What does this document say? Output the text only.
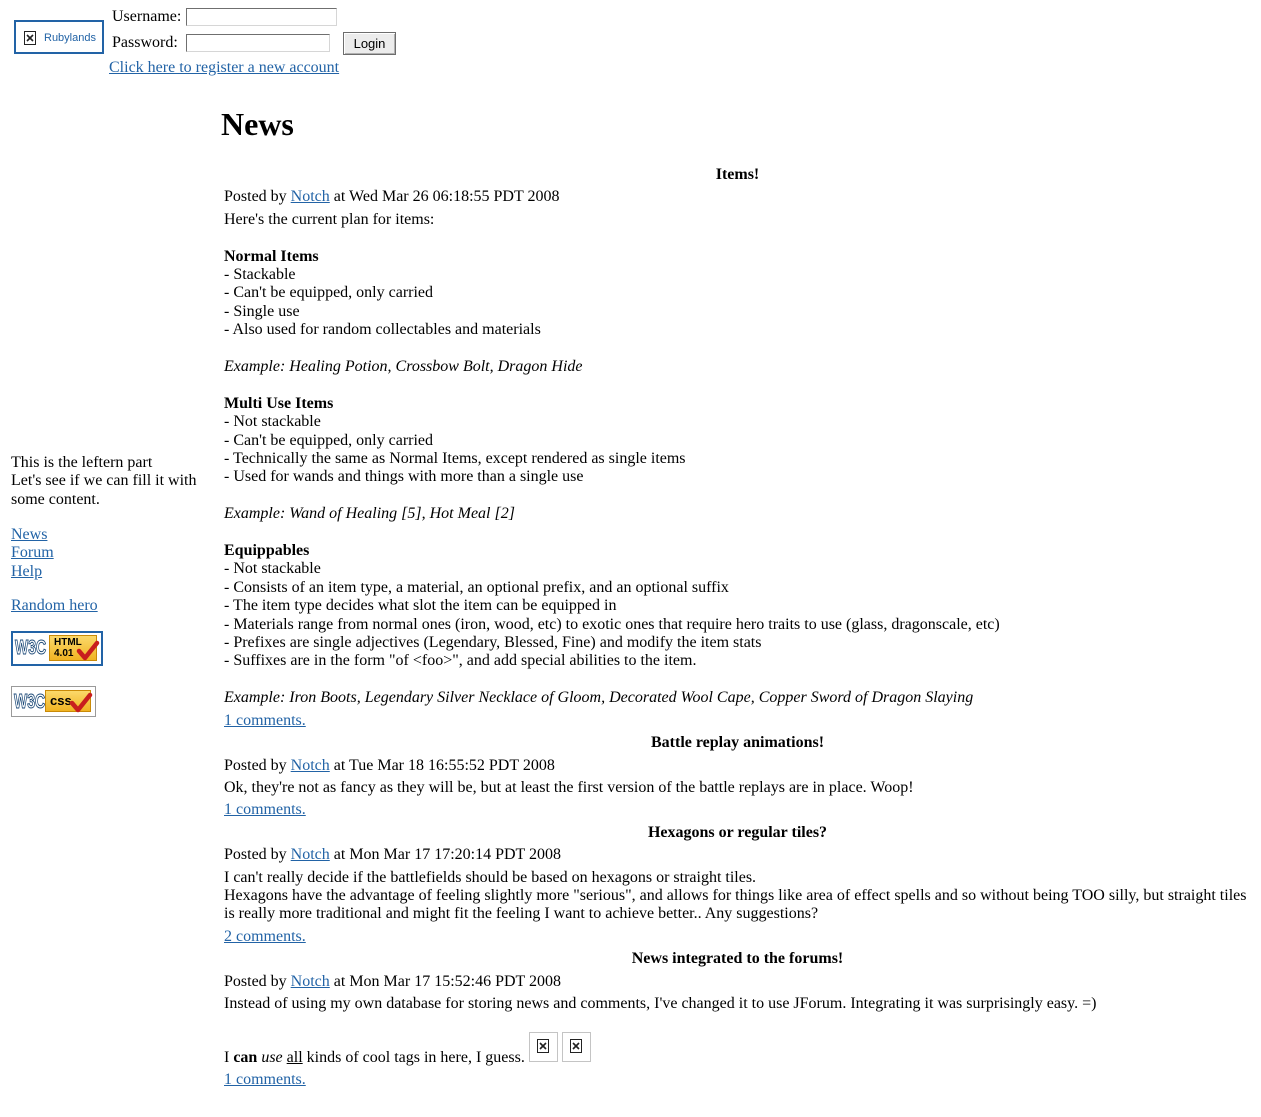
Rubylands
Username:
Password:	Login
Click here to register a new account
News
This is the leftern part
Let's see if we can fill it with some content.
News
Forum
Help
Random hero
W3C HTML
4.01
W3C css
Items!
Posted by Notch at Wed Mar 26 06:18:55 PDT 2008
Here's the current plan for items:
Normal Items
- Stackable
- Can't be equipped, only carried
- Single use
- Also used for random collectables and materials
Example: Healing Potion, Crossbow Bolt, Dragon Hide
Multi Use Items
- Not stackable
- Can't be equipped, only carried
- Technically the same as Normal Items, except rendered as single items
- Used for wands and things with more than a single use
Example: Wand of Healing [5], Hot Meal [2]
Equippables
- Not stackable
- Consists of an item type, a material, an optional prefix, and an optional suffix
- The item type decides what slot the item can be equipped in
- Materials range from normal ones (iron, wood, etc) to exotic ones that require hero traits to use (glass, dragonscale, etc)
- Prefixes are single adjectives (Legendary, Blessed, Fine) and modify the item stats
- Suffixes are in the form "of <foo>", and add special abilities to the item.
Example: Iron Boots, Legendary Silver Necklace of Gloom, Decorated Wool Cape, Copper Sword of Dragon Slaying
1 comments.
Battle replay animations!
Posted by Notch at Tue Mar 18 16:55:52 PDT 2008
Ok, they're not as fancy as they will be, but at least the first version of the battle replays are in place. Woop!
1 comments.
Hexagons or regular tiles?
Posted by Notch at Mon Mar 17 17:20:14 PDT 2008
I can't really decide if the battlefields should be based on hexagons or straight tiles.
Hexagons have the advantage of feeling slightly more "serious", and allows for things like area of effect spells and so without being TOO silly, but straight tiles is really more traditional and might fit the feeling I want to achieve better.. Any suggestions?
2 comments.
News integrated to the forums!
Posted by Notch at Mon Mar 17 15:52:46 PDT 2008
Instead of using my own database for storing news and comments, I've changed it to use JForum. Integrating it was surprisingly easy. =)
I can use all kinds of cool tags in here, I guess.

1 comments.
